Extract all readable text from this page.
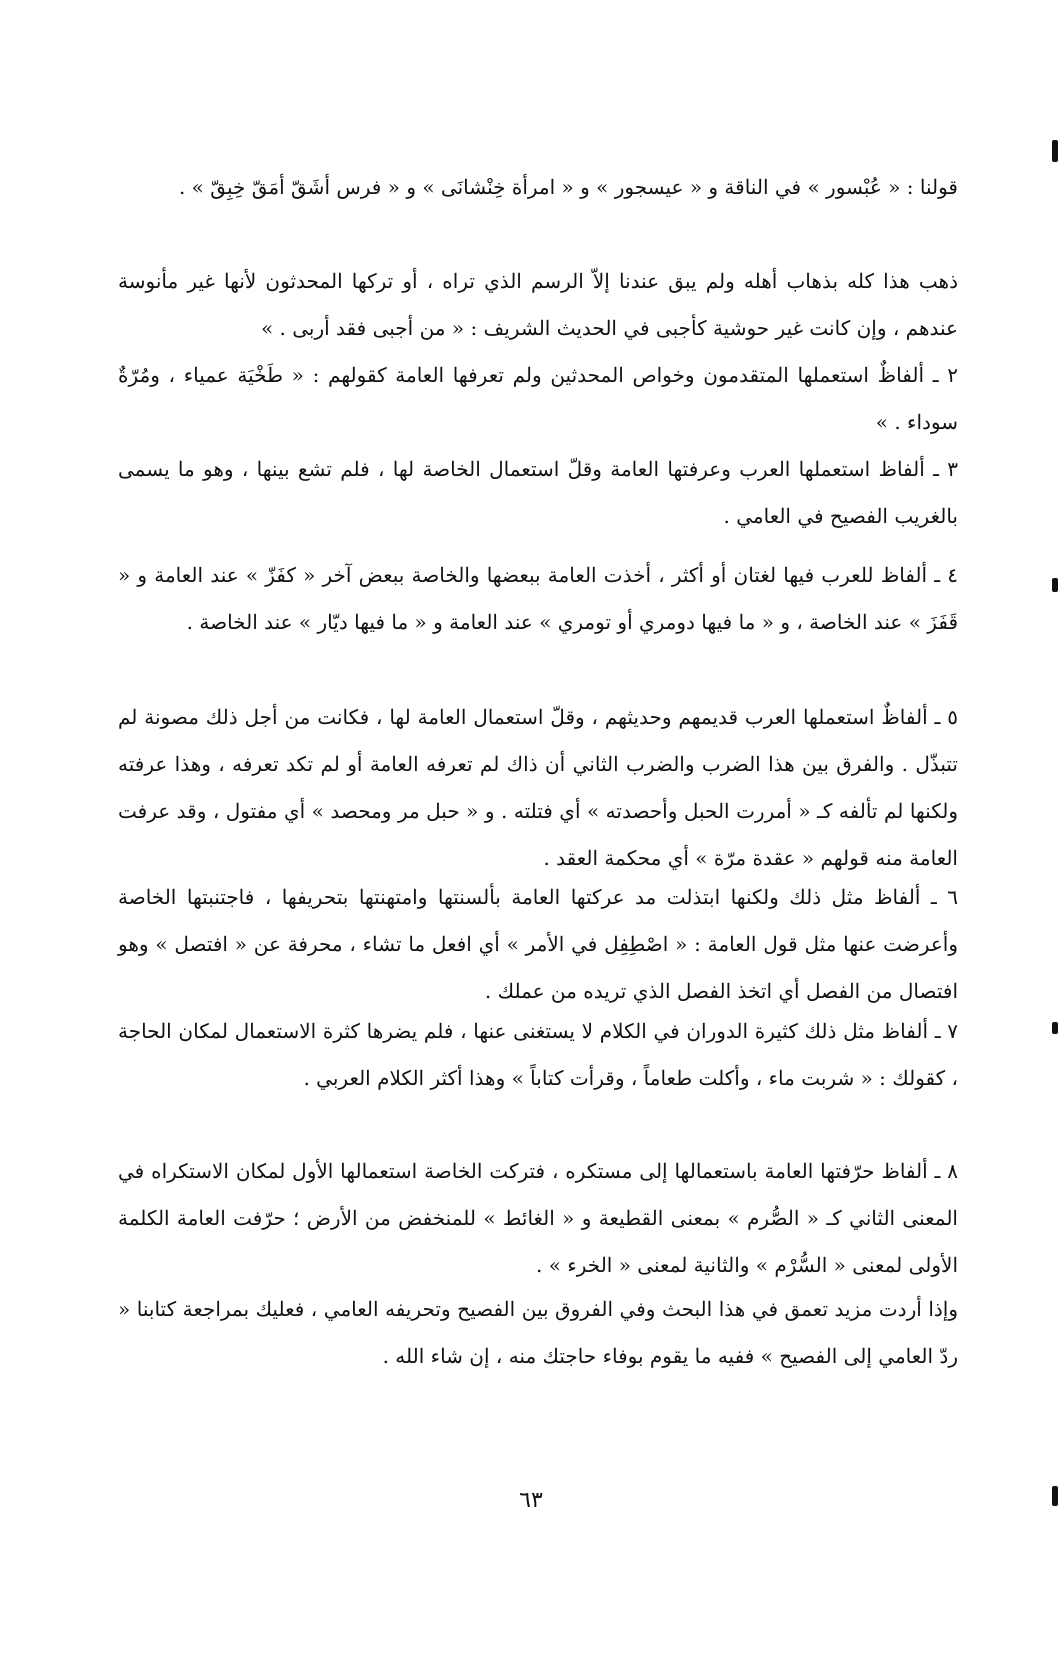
قولنا : « عُبْسور » في الناقة و « عيسجور » و « امرأة خِنْشانَى » و « فرس أشَقّ أمَقّ خِبِقّ » .

ذهب هذا كله بذهاب أهله ولم يبق عندنا إلاّ الرسم الذي تراه ، أو تركها المحدثون لأنها غير مأنوسة عندهم ، وإن كانت غير حوشية كأجبى في الحديث الشريف : « من أجبى فقد أربى . »

٢ ـ ألفاظٌ استعملها المتقدمون وخواص المحدثين ولم تعرفها العامة كقولهم : « طَخْيَة عمياء ، ومُرّةٌ سوداء . »

٣ ـ ألفاظ استعملها العرب وعرفتها العامة وقلّ استعمال الخاصة لها ، فلم تشع بينها ، وهو ما يسمى بالغريب الفصيح في العامي .

٤ ـ ألفاظ للعرب فيها لغتان أو أكثر ، أخذت العامة ببعضها والخاصة ببعض آخر « كفَزّ » عند العامة و « قَفَزَ » عند الخاصة ، و « ما فيها دومري أو تومري » عند العامة و « ما فيها ديّار » عند الخاصة .

٥ ـ ألفاظٌ استعملها العرب قديمهم وحديثهم ، وقلّ استعمال العامة لها ، فكانت من أجل ذلك مصونة لم تتبذّل . والفرق بين هذا الضرب والضرب الثاني أن ذاك لم تعرفه العامة أو لم تكد تعرفه ، وهذا عرفته ولكنها لم تألفه كـ « أمررت الحبل وأحصدته » أي فتلته . و « حبل مر ومحصد » أي مفتول ، وقد عرفت العامة منه قولهم « عقدة مرّة » أي محكمة العقد .

٦ ـ ألفاظ مثل ذلك ولكنها ابتذلت مد عركتها العامة بألسنتها وامتهنتها بتحريفها ، فاجتنبتها الخاصة وأعرضت عنها مثل قول العامة : « اصْطِفِل في الأمر » أي افعل ما تشاء ، محرفة عن « افتصل » وهو افتصال من الفصل أي اتخذ الفصل الذي تريده من عملك .

٧ ـ ألفاظ مثل ذلك كثيرة الدوران في الكلام لا يستغنى عنها ، فلم يضرها كثرة الاستعمال لمكان الحاجة ، كقولك : « شربت ماء ، وأكلت طعاماً ، وقرأت كتاباً » وهذا أكثر الكلام العربي .

٨ ـ ألفاظ حرّفتها العامة باستعمالها إلى مستكره ، فتركت الخاصة استعمالها الأول لمكان الاستكراه في المعنى الثاني كـ « الصُّرم » بمعنى القطيعة و « الغائط » للمنخفض من الأرض ؛ حرّفت العامة الكلمة الأولى لمعنى « السُّرْم » والثانية لمعنى « الخرء » .

وإذا أردت مزيد تعمق في هذا البحث وفي الفروق بين الفصيح وتحريفه العامي ، فعليك بمراجعة كتابنا « ردّ العامي إلى الفصيح » ففيه ما يقوم بوفاء حاجتك منه ، إن شاء الله .

٦٣
